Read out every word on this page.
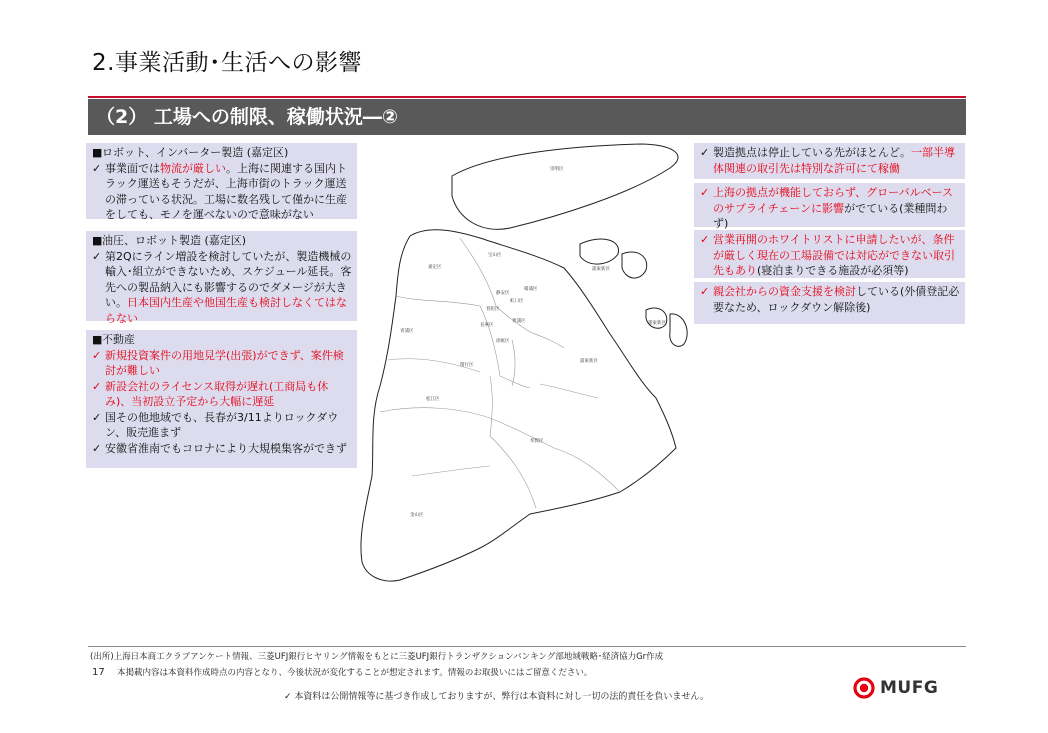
2.事業活動･生活への影響
（2） 工場への制限、稼働状況―②
■ロボット、インバーター製造 (嘉定区)
✓ 事業面では物流が厳しい。上海に関連する国内トラック運送もそうだが、上海市街のトラック運送の滞っている状況。工場に数名残して僅かに生産をしても、モノを運べないので意味がない
■油圧、ロボット製造 (嘉定区)
✓ 第2Qにライン増設を検討していたが、製造機械の輸入･組立ができないため、スケジュール延長。客先への製品納入にも影響するのでダメージが大きい。日本国内生産や他国生産も検討しなくてはならない
■不動産
✓ 新規投資案件の用地見学(出張)ができず、案件検討が難しい
✓ 新設会社のライセンス取得が遅れ(工商局も休み)、当初設立予定から大幅に遅延
✓ 国その他地域でも、長春が3/11よりロックダウン、販売進まず
✓ 安徽省淮南でもコロナにより大規模集客ができず
崇明区
嘉定区
宝山区
静安区
虹口区
楊浦区
普陀区
長寧区
黄浦区
徐匯区
青浦区
閔行区
松江区
浦東新区
奉賢区
金山区
浦東新区
浦東新区
✓ 製造拠点は停止している先がほとんど。一部半導体関連の取引先は特別な許可にて稼働
✓ 上海の拠点が機能しておらず、グローバルベースのサプライチェーンに影響がでている(業種問わず)
✓ 営業再開のホワイトリストに申請したいが、条件が厳しく現在の工場設備では対応ができない取引先もあり(寝泊まりできる施設が必須等)
✓ 親会社からの資金支援を検討している(外債登記必要なため、ロックダウン解除後)
(出所)上海日本商工クラブアンケート情報、三菱UFJ銀行ヒヤリング情報をもとに三菱UFJ銀行トランザクションバンキング部地域戦略･経済協力Gr作成
17 本掲載内容は本資料作成時点の内容となり、今後状況が変化することが想定されます。情報のお取扱いにはご留意ください。
✓ 本資料は公開情報等に基づき作成しておりますが、弊行は本資料に対し一切の法的責任を負いません。	MUFG
